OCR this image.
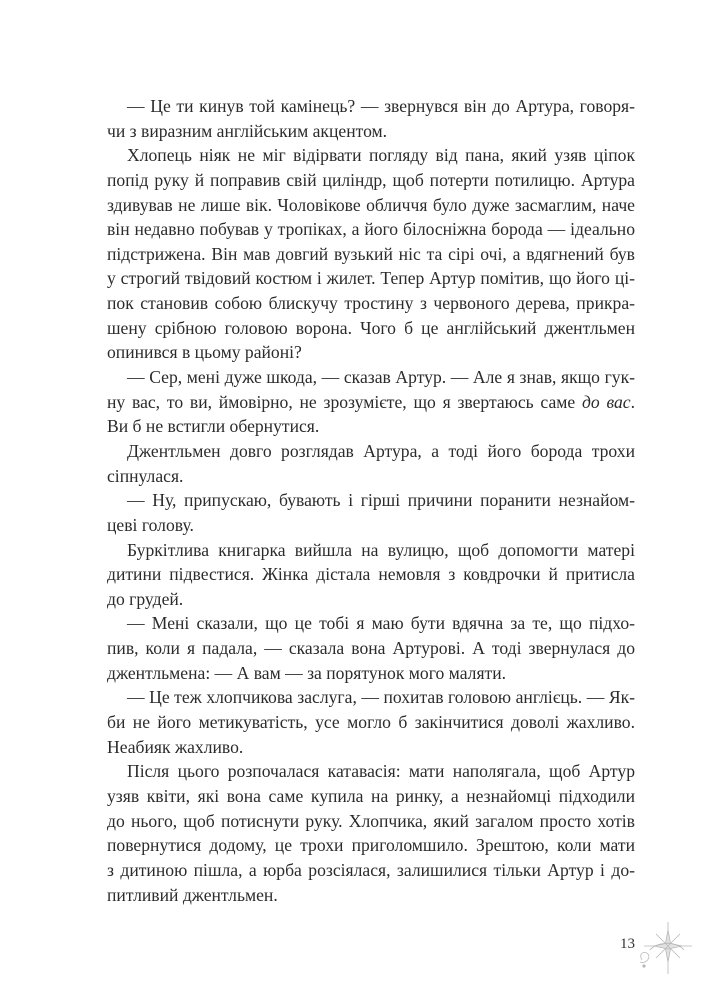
— Це ти кинув той камінець? — звернувся він до Артура, говоря-
чи з виразним англійським акцентом.
Хлопець ніяк не міг відірвати погляду від пана, який узяв ціпок
попід руку й поправив свій циліндр, щоб потерти потилицю. Артура
здивував не лише вік. Чоловікове обличчя було дуже засмаглим, наче
він недавно побував у тропіках, а його білосніжна борода — ідеально
підстрижена. Він мав довгий вузький ніс та сірі очі, а вдягнений був
у строгий твідовий костюм і жилет. Тепер Артур помітив, що його ці-
пок становив собою блискучу тростину з червоного дерева, прикра-
шену срібною головою ворона. Чого б це англійський джентльмен
опинився в цьому районі?
— Сер, мені дуже шкода, — сказав Артур. — Але я знав, якщо гук-
ну вас, то ви, ймовірно, не зрозумієте, що я звертаюсь саме до вас.
Ви б не встигли обернутися.
Джентльмен довго розглядав Артура, а тоді його борода трохи
сіпнулася.
— Ну, припускаю, бувають і гірші причини поранити незнайом-
цеві голову.
Буркітлива книгарка вийшла на вулицю, щоб допомогти матері
дитини підвестися. Жінка дістала немовля з ковдрочки й притисла
до грудей.
— Мені сказали, що це тобі я маю бути вдячна за те, що підхо-
пив, коли я падала, — сказала вона Артурові. А тоді звернулася до
джентльмена: — А вам — за порятунок мого маляти.
— Це теж хлопчикова заслуга, — похитав головою англієць. — Як-
би не його метикуватість, усе могло б закінчитися доволі жахливо.
Неабияк жахливо.
Після цього розпочалася катавасія: мати наполягала, щоб Артур
узяв квіти, які вона саме купила на ринку, а незнайомці підходили
до нього, щоб потиснути руку. Хлопчика, який загалом просто хотів
повернутися додому, це трохи приголомшило. Зрештою, коли мати
з дитиною пішла, а юрба розсіялася, залишилися тільки Артур і до-
питливий джентльмен.
13
